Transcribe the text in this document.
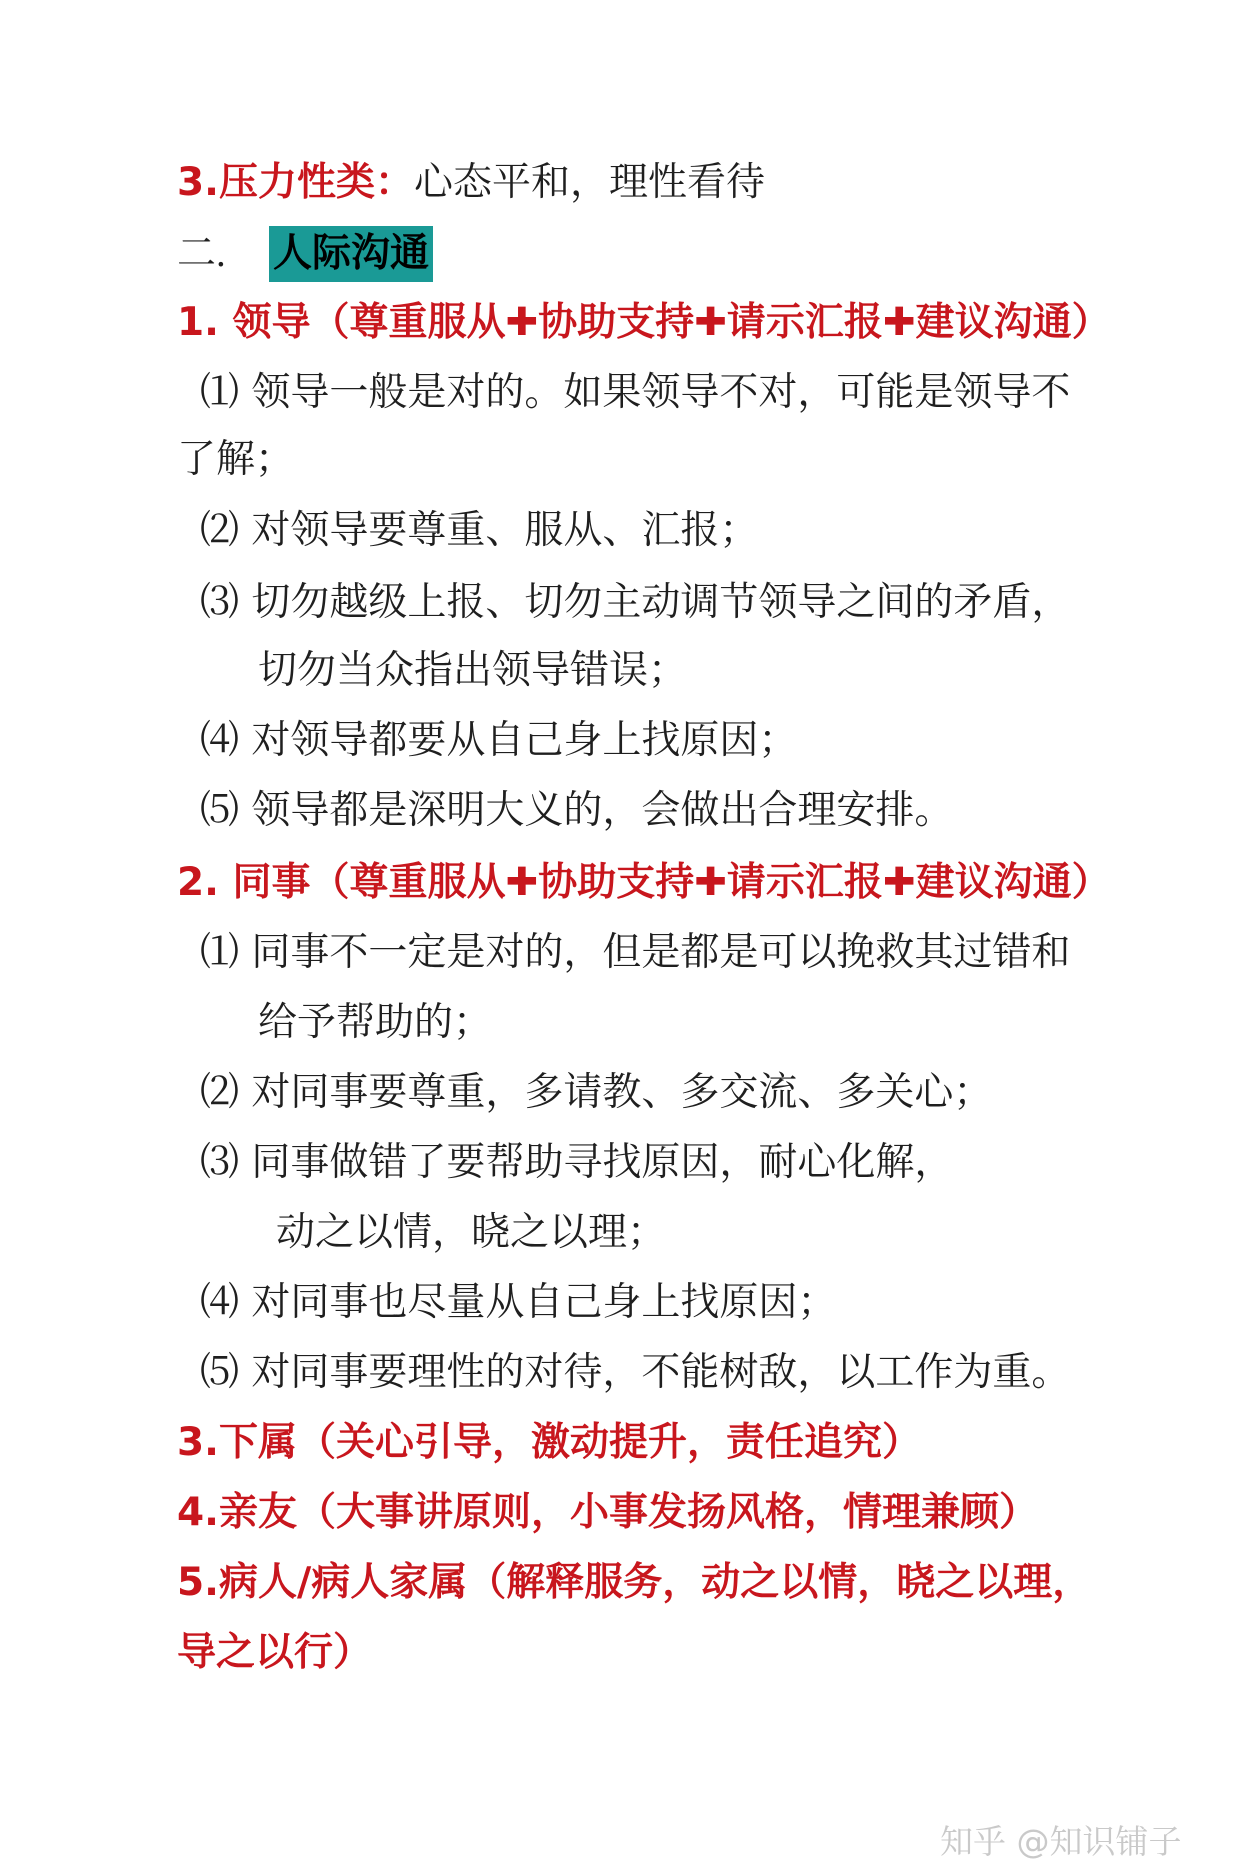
3.压力性类：心态平和，理性看待
二. 人际沟通
1. 领导（尊重服从✚协助支持✚请示汇报✚建议沟通）
⑴ 领导一般是对的。如果领导不对，可能是领导不
了解；
⑵ 对领导要尊重、服从、汇报；
⑶ 切勿越级上报、切勿主动调节领导之间的矛盾，
切勿当众指出领导错误；
⑷ 对领导都要从自己身上找原因；
⑸ 领导都是深明大义的，会做出合理安排。
2. 同事（尊重服从✚协助支持✚请示汇报✚建议沟通）
⑴ 同事不一定是对的，但是都是可以挽救其过错和
给予帮助的；
⑵ 对同事要尊重，多请教、多交流、多关心；
⑶ 同事做错了要帮助寻找原因，耐心化解，
动之以情，晓之以理；
⑷ 对同事也尽量从自己身上找原因；
⑸ 对同事要理性的对待，不能树敌，以工作为重。
3.下属（关心引导，激动提升，责任追究）
4.亲友（大事讲原则，小事发扬风格，情理兼顾）
5.病人/病人家属（解释服务，动之以情，晓之以理，
导之以行）
知乎 @知识铺子
